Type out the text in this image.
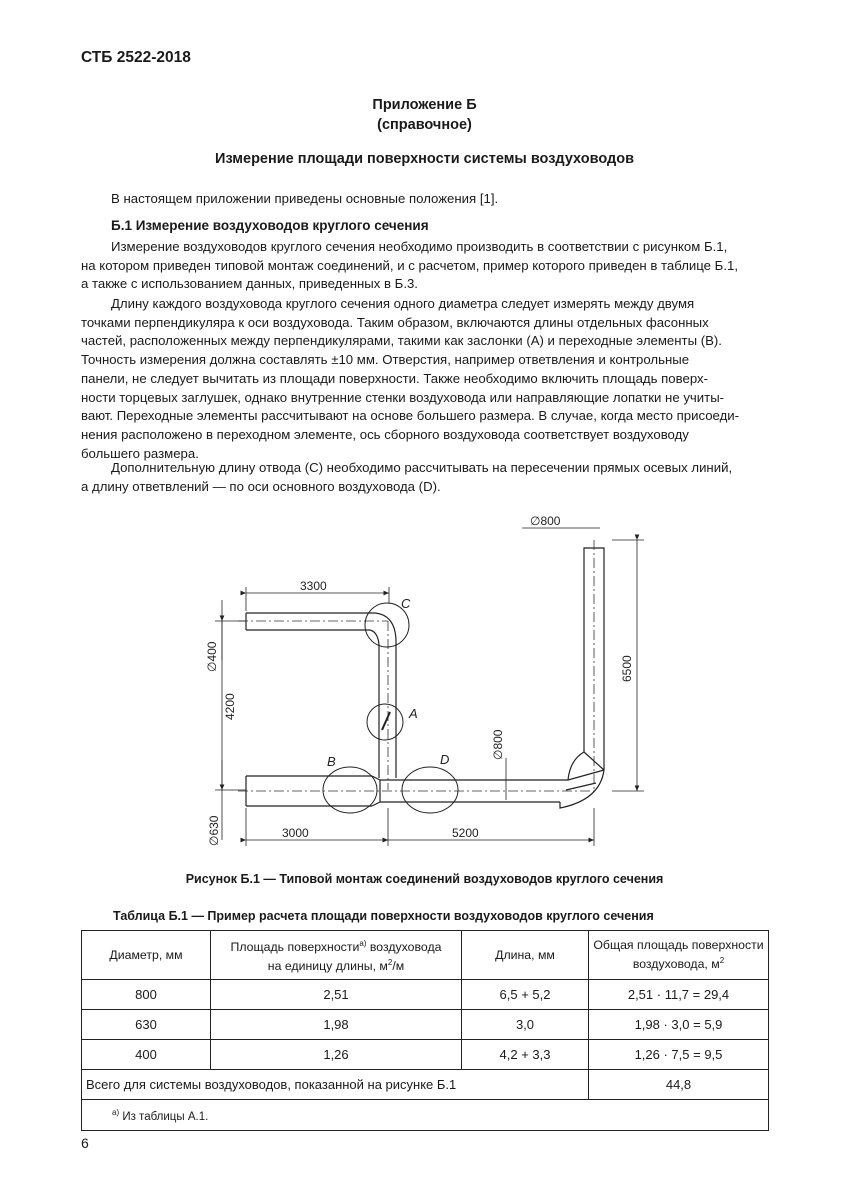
СТБ 2522-2018
Приложение Б
(справочное)
Измерение площади поверхности системы воздуховодов
В настоящем приложении приведены основные положения [1].
Б.1 Измерение воздуховодов круглого сечения
Измерение воздуховодов круглого сечения необходимо производить в соответствии с рисунком Б.1,
на котором приведен типовой монтаж соединений, и с расчетом, пример которого приведен в таблице Б.1,
а также с использованием данных, приведенных в Б.3.
Длину каждого воздуховода круглого сечения одного диаметра следует измерять между двумя
точками перпендикуляра к оси воздуховода. Таким образом, включаются длины отдельных фасонных
частей, расположенных между перпендикулярами, такими как заслонки (A) и переходные элементы (B).
Точность измерения должна составлять ±10 мм. Отверстия, например ответвления и контрольные
панели, не следует вычитать из площади поверхности. Также необходимо включить площадь поверх-
ности торцевых заглушек, однако внутренние стенки воздуховода или направляющие лопатки не учиты-
вают. Переходные элементы рассчитывают на основе большего размера. В случае, когда место присоеди-
нения расположено в переходном элементе, ось сборного воздуховода соответствует воздуховоду
большего размера.
Дополнительную длину отвода (C) необходимо рассчитывать на пересечении прямых осевых линий,
а длину ответвлений — по оси основного воздуховода (D).
3300
∅800
∅400
4200
6500
∅800
∅630	3000	5200
C
A
B	D
Рисунок Б.1 — Типовой монтаж соединений воздуховодов круглого сечения
Таблица Б.1 — Пример расчета площади поверхности воздуховодов круглого сечения
Диаметр, мм	Площадь поверхности$^{а)}$ воздуховода
на единицу длины, $м^2/м$	Длина, мм	Общая площадь поверхности
воздуховода, $м^2$
800	2,51	6,5 + 5,2	2,51 · 11,7 = 29,4
630	1,98	3,0	1,98 · 3,0 = 5,9
400	1,26	4,2 + 3,3	1,26 · 7,5 = 9,5
Всего для системы воздуховодов, показанной на рисунке Б.1			44,8
$^{а)}$ Из таблицы А.1.			
6
